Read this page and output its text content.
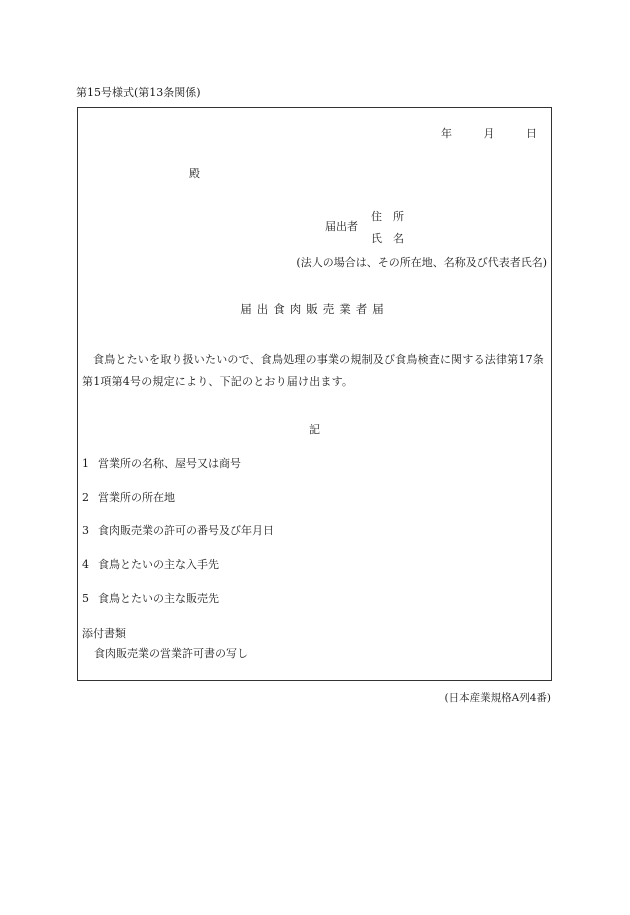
第15号様式(第13条関係)
年	月	日
殿
届出者
住　所
氏　名
(法人の場合は、その所在地、名称及び代表者氏名)
届出食肉販売業者届
食鳥とたいを取り扱いたいので、食鳥処理の事業の規制及び食鳥検査に関する法律第17条第1項第4号の規定により、下記のとおり届け出ます。
記
1 営業所の名称、屋号又は商号
2 営業所の所在地
3 食肉販売業の許可の番号及び年月日
4 食鳥とたいの主な入手先
5 食鳥とたいの主な販売先
添付書類
食肉販売業の営業許可書の写し
(日本産業規格A列4番)
